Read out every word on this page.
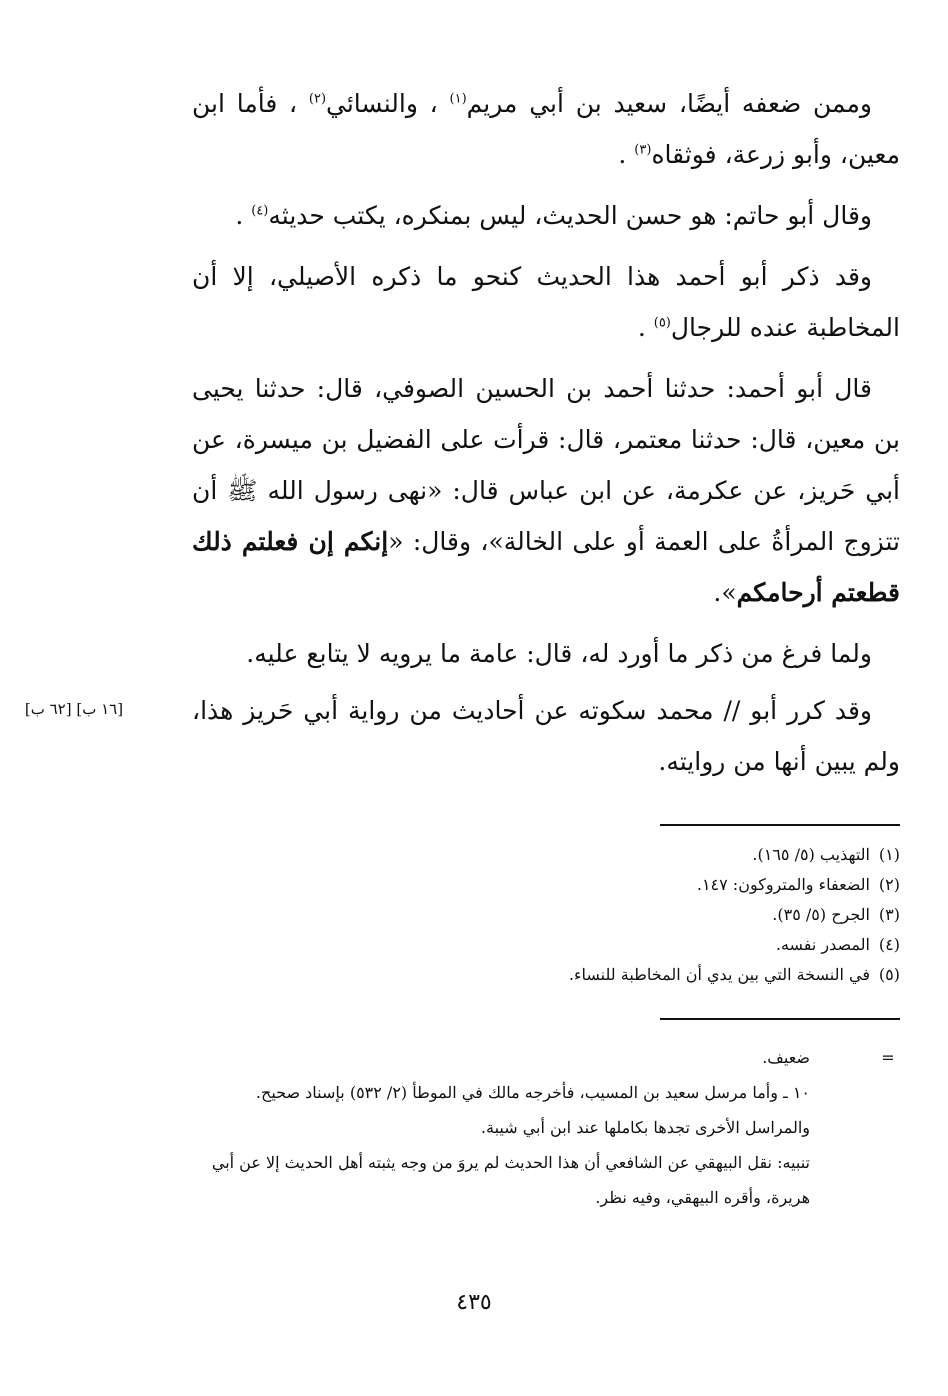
وممن ضعفه أيضًا، سعيد بن أبي مريم$^{(١)}$ ، والنسائي$^{(٢)}$ ، فأما ابن معين، وأبو زرعة، فوثقاه$^{(٣)}$ .

وقال أبو حاتم: هو حسن الحديث، ليس بمنكره، يكتب حديثه$^{(٤)}$ .

وقد ذكر أبو أحمد هذا الحديث كنحو ما ذكره الأصيلي، إلا أن المخاطبة عنده للرجال$^{(٥)}$ .

قال أبو أحمد: حدثنا أحمد بن الحسين الصوفي، قال: حدثنا يحيى بن معين، قال: حدثنا معتمر، قال: قرأت على الفضيل بن ميسرة، عن أبي حَريز، عن عكرمة، عن ابن عباس قال: «نهى رسول الله ﷺ أن تتزوج المرأةُ على العمة أو على الخالة»، وقال: «إنكم إن فعلتم ذلك قطعتم أرحامكم».

ولما فرغ من ذكر ما أورد له، قال: عامة ما يرويه لا يتابع عليه.

وقد كرر أبو // محمد سكوته عن أحاديث من رواية أبي حَريز هذا، ولم يبين أنها من روايته.

[١٦ ب] [٦٢ ب]
(١)
التهذيب (٥/ ١٦٥).
(٢)
الضعفاء والمتروكون: ١٤٧.
(٣)
الجرح (٥/ ٣٥).
(٤)
المصدر نفسه.
(٥)
في النسخة التي بين يدي أن المخاطبة للنساء.
=
ضعيف.
١٠ ـ وأما مرسل سعيد بن المسيب، فأخرجه مالك في الموطأ (٢/ ٥٣٢) بإسناد صحيح.
والمراسل الأخرى تجدها بكاملها عند ابن أبي شيبة.
تنبيه: نقل البيهقي عن الشافعي أن هذا الحديث لم يروَ من وجه يثبته أهل الحديث إلا عن أبي هريرة، وأقره البيهقي، وفيه نظر.
٤٣٥
